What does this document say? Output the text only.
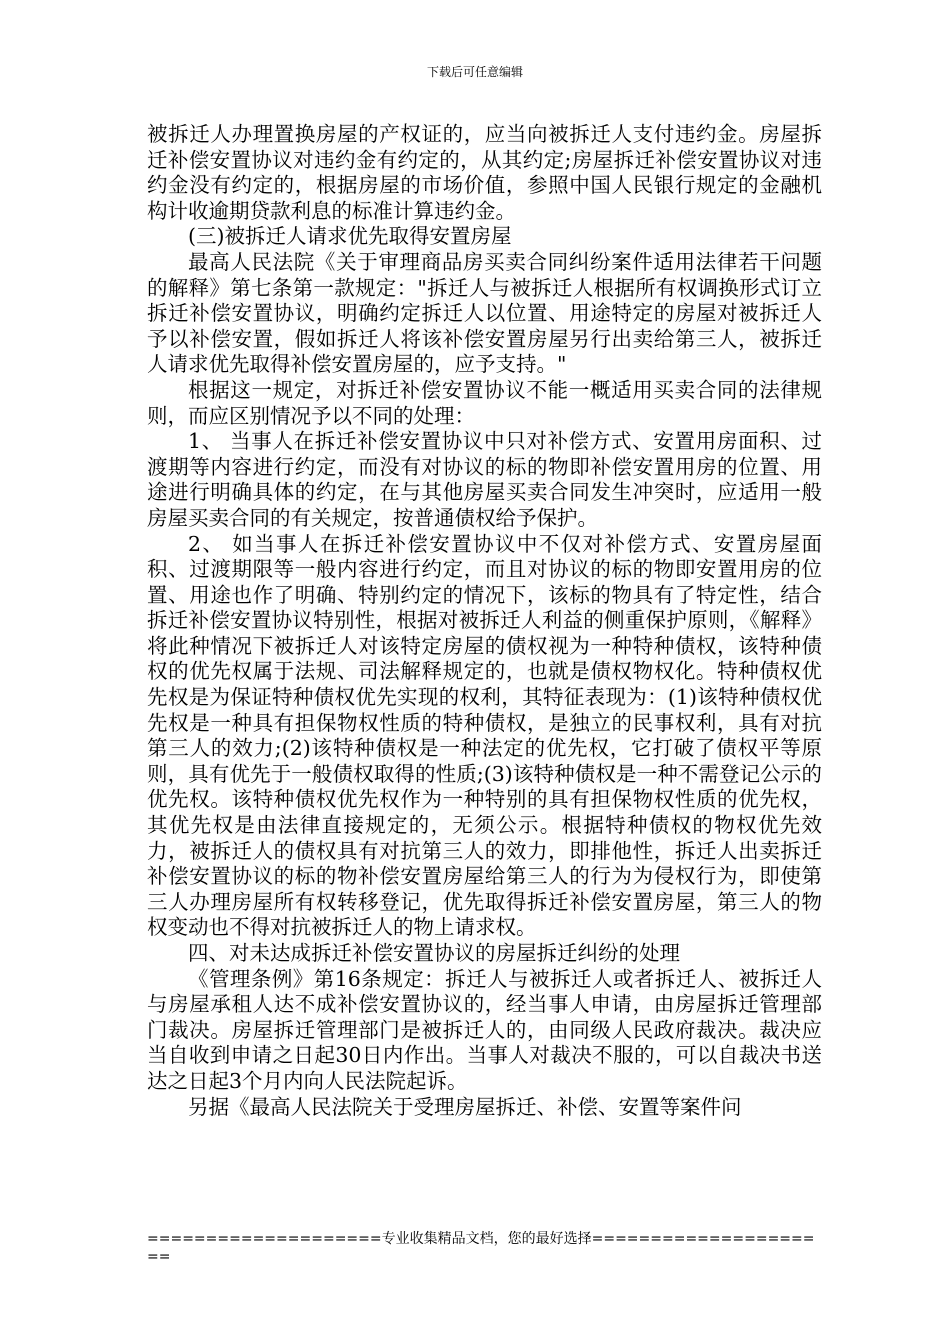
下载后可任意编辑

被拆迁人办理置换房屋的产权证的，应当向被拆迁人支付违约金。房屋拆迁补偿安置协议对违约金有约定的，从其约定;房屋拆迁补偿安置协议对违约金没有约定的，根据房屋的市场价值，参照中国人民银行规定的金融机构计收逾期贷款利息的标准计算违约金。

(三)被拆迁人请求优先取得安置房屋

最高人民法院《关于审理商品房买卖合同纠纷案件适用法律若干问题的解释》第七条第一款规定："拆迁人与被拆迁人根据所有权调换形式订立拆迁补偿安置协议，明确约定拆迁人以位置、用途特定的房屋对被拆迁人予以补偿安置，假如拆迁人将该补偿安置房屋另行出卖给第三人，被拆迁人请求优先取得补偿安置房屋的，应予支持。"

根据这一规定，对拆迁补偿安置协议不能一概适用买卖合同的法律规则，而应区别情况予以不同的处理：

1、 当事人在拆迁补偿安置协议中只对补偿方式、安置用房面积、过渡期等内容进行约定，而没有对协议的标的物即补偿安置用房的位置、用途进行明确具体的约定，在与其他房屋买卖合同发生冲突时，应适用一般房屋买卖合同的有关规定，按普通债权给予保护。

2、 如当事人在拆迁补偿安置协议中不仅对补偿方式、安置房屋面积、过渡期限等一般内容进行约定，而且对协议的标的物即安置用房的位置、用途也作了明确、特别约定的情况下，该标的物具有了特定性，结合拆迁补偿安置协议特别性，根据对被拆迁人利益的侧重保护原则，《解释》将此种情况下被拆迁人对该特定房屋的债权视为一种特种债权，该特种债权的优先权属于法规、司法解释规定的，也就是债权物权化。特种债权优先权是为保证特种债权优先实现的权利，其特征表现为：(1)该特种债权优先权是一种具有担保物权性质的特种债权，是独立的民事权利，具有对抗第三人的效力;(2)该特种债权是一种法定的优先权，它打破了债权平等原则，具有优先于一般债权取得的性质;(3)该特种债权是一种不需登记公示的优先权。该特种债权优先权作为一种特别的具有担保物权性质的优先权，其优先权是由法律直接规定的，无须公示。根据特种债权的物权优先效力，被拆迁人的债权具有对抗第三人的效力，即排他性，拆迁人出卖拆迁补偿安置协议的标的物补偿安置房屋给第三人的行为为侵权行为，即使第三人办理房屋所有权转移登记，优先取得拆迁补偿安置房屋，第三人的物权变动也不得对抗被拆迁人的物上请求权。

四、对未达成拆迁补偿安置协议的房屋拆迁纠纷的处理

《管理条例》第16条规定：拆迁人与被拆迁人或者拆迁人、被拆迁人与房屋承租人达不成补偿安置协议的，经当事人申请，由房屋拆迁管理部门裁决。房屋拆迁管理部门是被拆迁人的，由同级人民政府裁决。裁决应当自收到申请之日起30日内作出。当事人对裁决不服的，可以自裁决书送达之日起3个月内向人民法院起诉。

另据《最高人民法院关于受理房屋拆迁、补偿、安置等案件问

====================专业收集精品文档，您的最好选择=====================
